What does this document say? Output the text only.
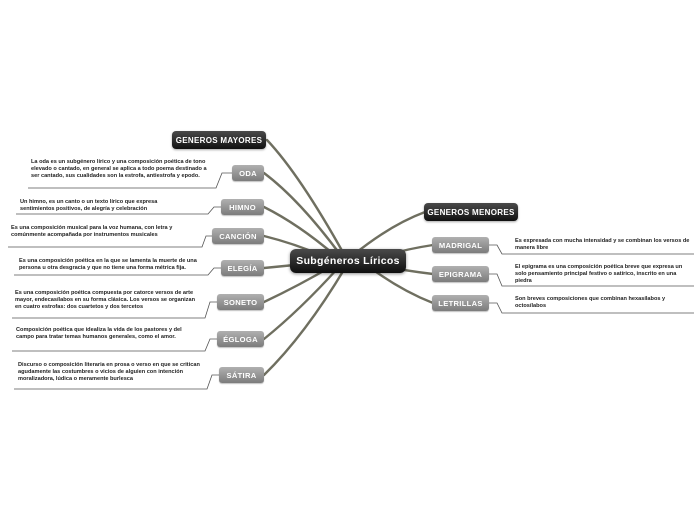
Subgéneros Líricos
GENEROS MAYORES
GENEROS MENORES
ODA
HIMNO
CANCIÓN
ELEGÍA
SONETO
ÉGLOGA
SÁTIRA
MADRIGAL
EPIGRAMA
LETRILLAS
La oda es un subgénero lírico y una composición poética de tono elevado o cantado, en general se aplica a todo poema destinado a ser cantado, sus cualidades son la estrofa, antiestrofa y epodo.
Un himno, es un canto o un texto lírico que expresa sentimientos positivos, de alegría y celebración
Es una composición musical para la voz humana, con letra y comúnmente acompañada por instrumentos musicales
Es una composición poética en la que se lamenta la muerte de una persona u otra desgracia y que no tiene una forma métrica fija.
Es una composición poética compuesta por catorce versos de arte mayor, endecasílabos en su forma clásica. Los versos se organizan en cuatro estrofas: dos cuartetos y dos tercetos
Composición poética que idealiza la vida de los pastores y del campo para tratar temas humanos generales, como el amor.
Discurso o composición literaria en prosa o verso en que se critican agudamente las costumbres o vicios de alguien con intención moralizadora, lúdica o meramente burlesca
Es expresada con mucha intensidad y se combinan los versos de manera libre
El epigrama es una composición poética breve que expresa un solo pensamiento principal festivo o satírico, inscrito en una piedra
Son breves composiciones que combinan hexasílabos y octosílabos
